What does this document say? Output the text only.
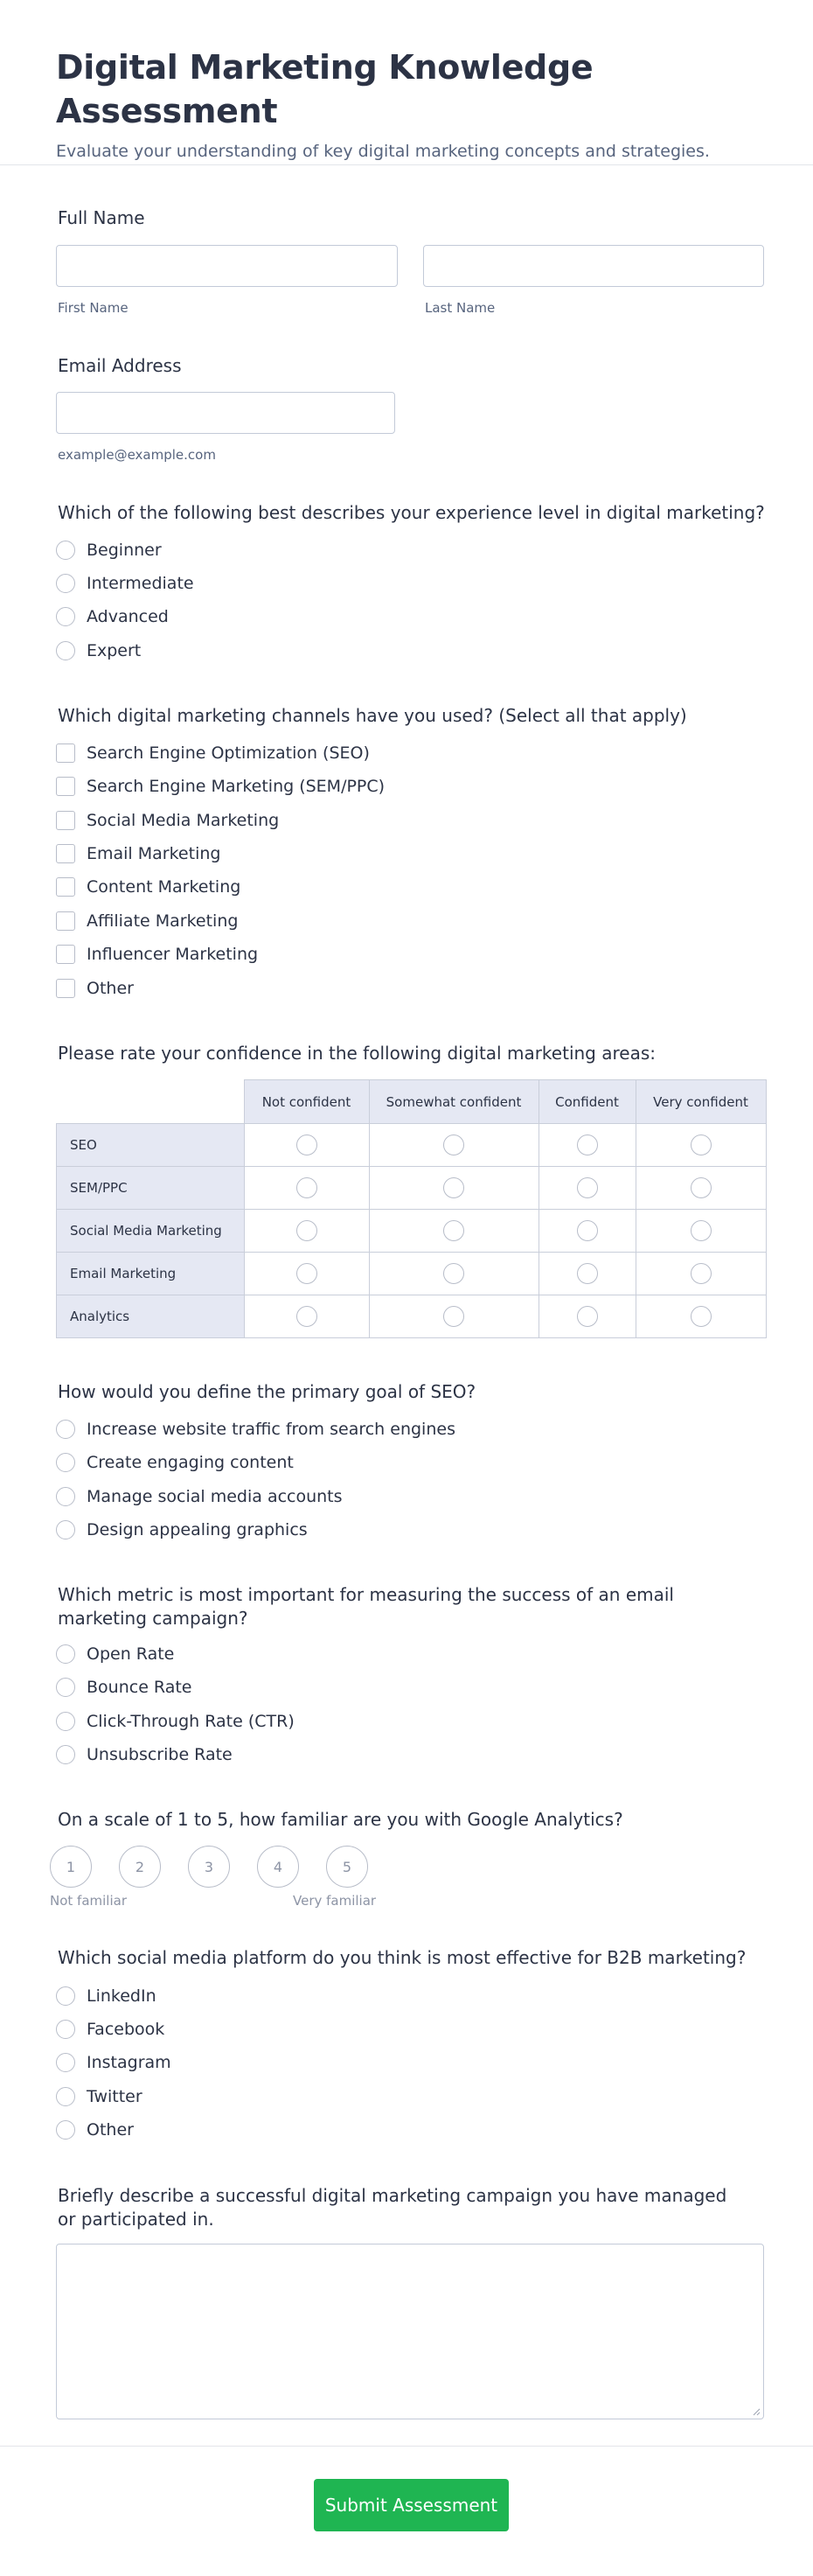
Digital Marketing Knowledge Assessment
Evaluate your understanding of key digital marketing concepts and strategies.
Full Name
First Name	Last Name
Email Address
example@example.com
Which of the following best describes your experience level in digital marketing?
Beginner
Intermediate
Advanced
Expert
Which digital marketing channels have you used? (Select all that apply)
Search Engine Optimization (SEO)
Search Engine Marketing (SEM/PPC)
Social Media Marketing
Email Marketing
Content Marketing
Affiliate Marketing
Influencer Marketing
Other
Please rate your confidence in the following digital marketing areas:
	Not confident	Somewhat confident	Confident	Very confident
SEO				
SEM/PPC				
Social Media Marketing				
Email Marketing				
Analytics				
How would you define the primary goal of SEO?
Increase website traffic from search engines
Create engaging content
Manage social media accounts
Design appealing graphics
Which metric is most important for measuring the success of an email marketing campaign?
Open Rate
Bounce Rate
Click-Through Rate (CTR)
Unsubscribe Rate
On a scale of 1 to 5, how familiar are you with Google Analytics?
1	2	3	4	5
Not familiar	Very familiar
Which social media platform do you think is most effective for B2B marketing?
LinkedIn
Facebook
Instagram
Twitter
Other
Briefly describe a successful digital marketing campaign you have managed or participated in.
Submit Assessment
